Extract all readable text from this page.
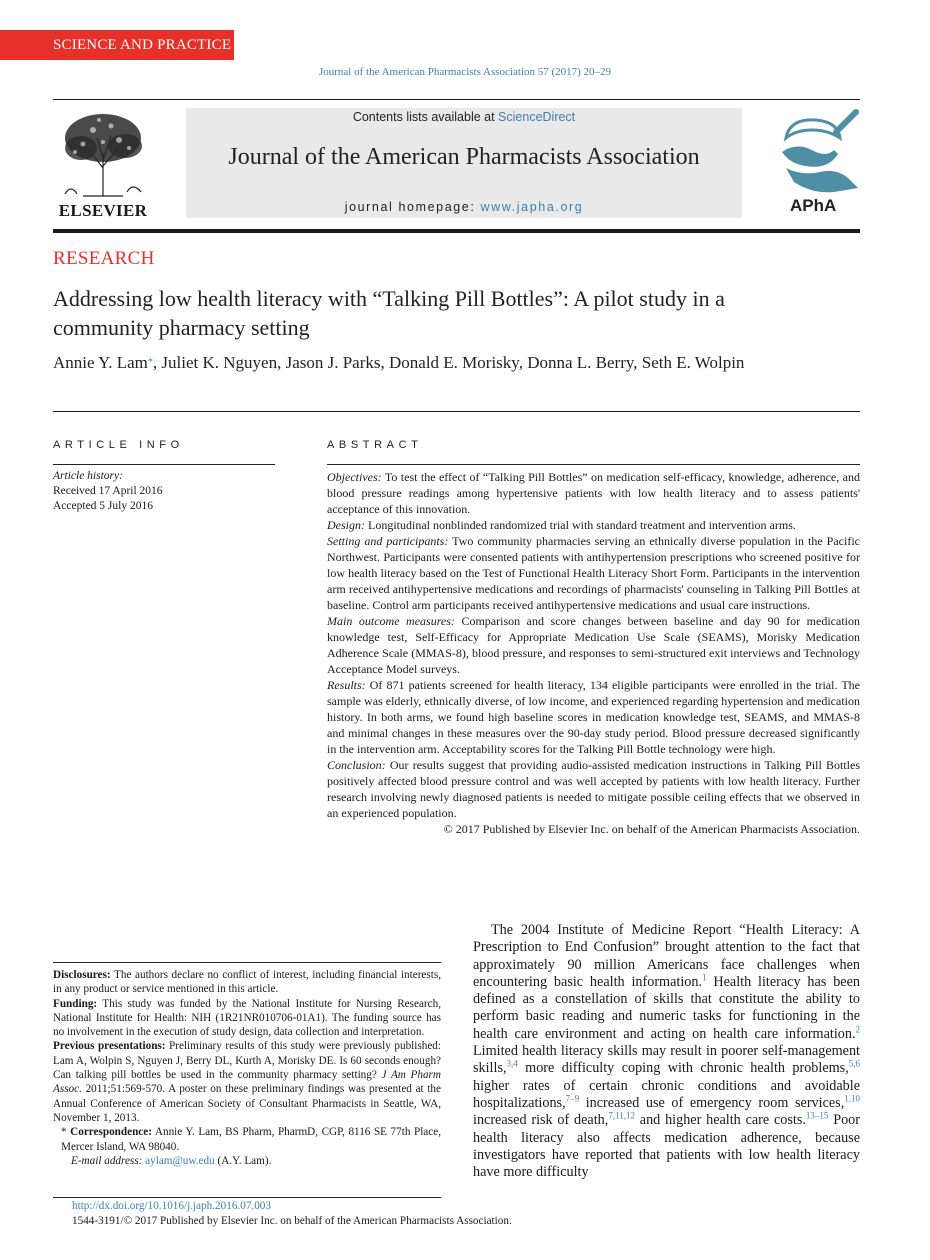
SCIENCE AND PRACTICE
Journal of the American Pharmacists Association 57 (2017) 20–29
ELSEVIER
Contents lists available at ScienceDirect
Journal of the American Pharmacists Association
journal homepage: www.japha.org	APhA
RESEARCH
Addressing low health literacy with “Talking Pill Bottles”: A pilot study in a community pharmacy setting
Annie Y. Lam*, Juliet K. Nguyen, Jason J. Parks, Donald E. Morisky, Donna L. Berry, Seth E. Wolpin
ARTICLE INFO
Article history:
Received 17 April 2016
Accepted 5 July 2016
ABSTRACT

Objectives: To test the effect of “Talking Pill Bottles” on medication self-efficacy, knowledge, adherence, and blood pressure readings among hypertensive patients with low health literacy and to assess patients' acceptance of this innovation.

Design: Longitudinal nonblinded randomized trial with standard treatment and intervention arms.

Setting and participants: Two community pharmacies serving an ethnically diverse population in the Pacific Northwest. Participants were consented patients with antihypertension prescriptions who screened positive for low health literacy based on the Test of Functional Health Literacy Short Form. Participants in the intervention arm received antihypertensive medications and recordings of pharmacists' counseling in Talking Pill Bottles at baseline. Control arm participants received antihypertensive medications and usual care instructions.

Main outcome measures: Comparison and score changes between baseline and day 90 for medication knowledge test, Self-Efficacy for Appropriate Medication Use Scale (SEAMS), Morisky Medication Adherence Scale (MMAS-8), blood pressure, and responses to semi-structured exit interviews and Technology Acceptance Model surveys.

Results: Of 871 patients screened for health literacy, 134 eligible participants were enrolled in the trial. The sample was elderly, ethnically diverse, of low income, and experienced regarding hypertension and medication history. In both arms, we found high baseline scores in medication knowledge test, SEAMS, and MMAS-8 and minimal changes in these measures over the 90-day study period. Blood pressure decreased significantly in the intervention arm. Acceptability scores for the Talking Pill Bottle technology were high.

Conclusion: Our results suggest that providing audio-assisted medication instructions in Talking Pill Bottles positively affected blood pressure control and was well accepted by patients with low health literacy. Further research involving newly diagnosed patients is needed to mitigate possible ceiling effects that we observed in an experienced population.

© 2017 Published by Elsevier Inc. on behalf of the American Pharmacists Association.

Disclosures: The authors declare no conflict of interest, including financial interests, in any product or service mentioned in this article.

Funding: This study was funded by the National Institute for Nursing Research, National Institute for Health: NIH (1R21NR010706-01A1). The funding source has no involvement in the execution of study design, data collection and interpretation.

Previous presentations: Preliminary results of this study were previously published: Lam A, Wolpin S, Nguyen J, Berry DL, Kurth A, Morisky DE. Is 60 seconds enough? Can talking pill bottles be used in the community pharmacy setting? J Am Pharm Assoc. 2011;51:569-570. A poster on these preliminary findings was presented at the Annual Conference of American Society of Consultant Pharmacists in Seattle, WA, November 1, 2013.

* Correspondence: Annie Y. Lam, BS Pharm, PharmD, CGP, 8116 SE 77th Place, Mercer Island, WA 98040.

E-mail address: aylam@uw.edu (A.Y. Lam).

http://dx.doi.org/10.1016/j.japh.2016.07.003
1544-3191/© 2017 Published by Elsevier Inc. on behalf of the American Pharmacists Association.

The 2004 Institute of Medicine Report “Health Literacy: A Prescription to End Confusion” brought attention to the fact that approximately 90 million Americans face challenges when encountering basic health information.$^1$ Health literacy has been defined as a constellation of skills that constitute the ability to perform basic reading and numeric tasks for functioning in the health care environment and acting on health care information.$^2$ Limited health literacy skills may result in poorer self-management skills,$^{3,4}$ more difficulty coping with chronic health problems,$^{5,6}$ higher rates of certain chronic conditions and avoidable hospitalizations,$^{7-9}$ increased use of emergency room services,$^{1,10}$ increased risk of death,$^{7,11,12}$ and higher health care costs.$^{13-15}$ Poor health literacy also affects medication adherence, because investigators have reported that patients with low health literacy have more difficulty
